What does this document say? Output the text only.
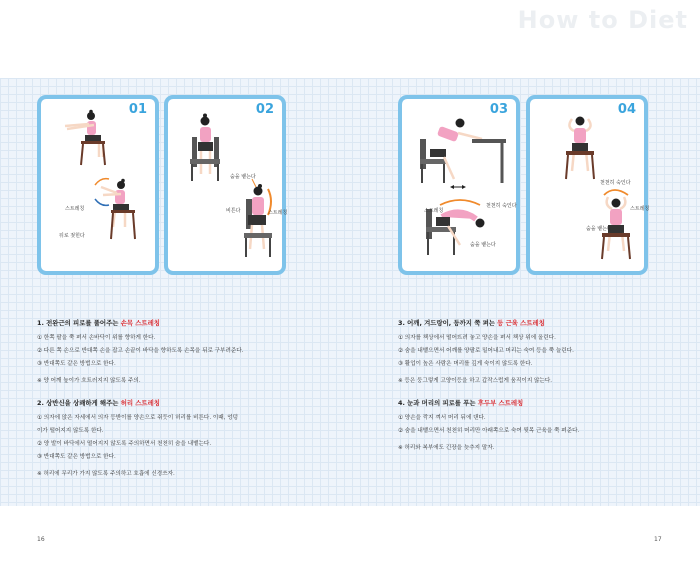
How to Diet
01
스트레칭
뒤로 젖힌다
02
숨을 뱉는다
비튼다	스트레칭
03
스트레칭
천천히 숙인다
숨을 뱉는다
04
천천히 숙인다
스트레칭
숨을 뱉는다
1. 전완근의 피로를 풀어주는 손목 스트레칭
① 한쪽 팔을 쭉 펴서 손바닥이 위를 향하게 한다.
② 다른 쪽 손으로 반대쪽 손을 잡고 손끝이 바닥을 향하도록 손목을 뒤로 구부려준다.
③ 반대쪽도 같은 방법으로 한다.
※ 양 어깨 높이가 흐트러지지 않도록 주의.
2. 상반신을 상쾌하게 해주는 허리 스트레칭
① 의자에 앉은 자세에서 의자 등받이를 양손으로 쥐듯이 허리를 비튼다. 이때, 엉덩
이가 떨어지지 않도록 한다.
② 양 발이 바닥에서 떨어지지 않도록 주의하면서 천천히 숨을 내뱉는다.
③ 반대쪽도 같은 방법으로 한다.
※ 허리에 무리가 가지 않도록 주의하고 호흡에 신경쓰자.
3. 어깨, 겨드랑이, 등까지 쭉 펴는 등 근육 스트레칭
① 의자를 책상에서 떨어뜨려 놓고 양손을 펴서 책상 위에 올린다.
② 숨을 내뱉으면서 어깨를 양팔로 밀어내고 머리는 숙여 등을 쭉 늘린다.
③ 활업이 높은 사람은 머리를 깊게 숙이지 않도록 한다.
※ 등은 둥그렇게 고양이등을 하고 갑작스럽게 움직이지 않는다.
4. 눈과 머리의 피로를 푸는 후두부 스트레칭
① 양손을 깍지 껴서 머리 뒤에 댄다.
② 숨을 내뱉으면서 천천히 머리만 아래쪽으로 숙여 뒷목 근육을 쭉 펴준다.
※ 허리와 복부에도 긴장을 늦추지 말자.
16	17
